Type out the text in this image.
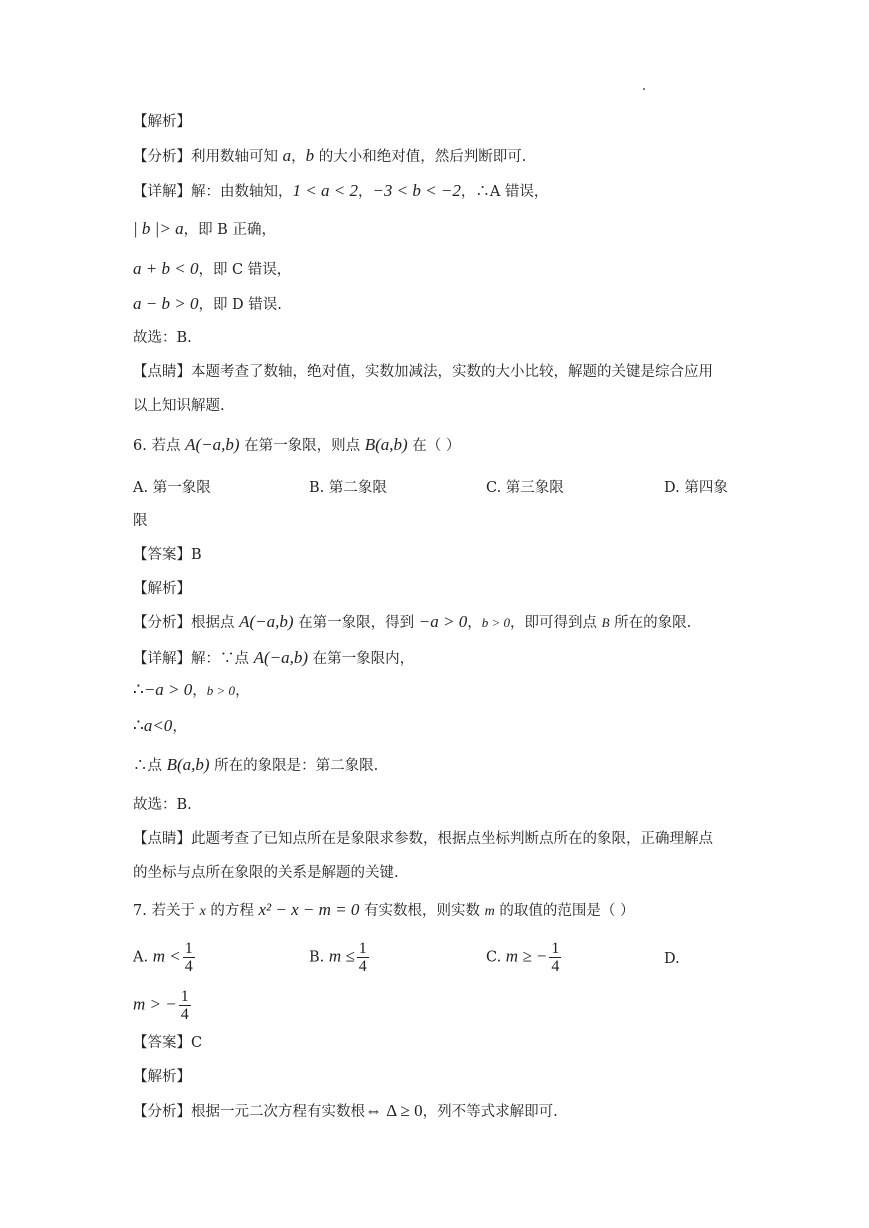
【解析】
【分析】利用数轴可知 a，b 的大小和绝对值，然后判断即可.
【详解】解：由数轴知，1 < a < 2，−3 < b < −2，∴A 错误，
| b |> a，即 B 正确，
a + b < 0，即 C 错误，
a − b > 0，即 D 错误.
故选：B.
【点睛】本题考查了数轴，绝对值，实数加减法，实数的大小比较，解题的关键是综合应用
以上知识解题.
6. 若点 A(−a,b) 在第一象限，则点 B(a,b) 在（ ）
A. 第一象限	B. 第二象限	C. 第三象限	D. 第四象
限
【答案】B
【解析】
【分析】根据点 A(−a,b) 在第一象限，得到 −a > 0，b > 0，即可得到点 B 所在的象限.
【详解】解：∵点 A(−a,b) 在第一象限内，
∴−a > 0，b > 0，
∴a<0，
∴点 B(a,b) 所在的象限是：第二象限.
故选：B.
【点睛】此题考查了已知点所在是象限求参数，根据点坐标判断点所在的象限，正确理解点
的坐标与点所在象限的关系是解题的关键.
7. 若关于 x 的方程 x² − x − m = 0 有实数根，则实数 m 的取值的范围是（ ）
A. $m < \frac{1}{4}$	B. $m \le \frac{1}{4}$	C. m ≥ − $\frac{1}{4}$	D.
m > − $\frac{1}{4}$
【答案】C
【解析】
【分析】根据一元二次方程有实数根⇔ Δ ≥ 0，列不等式求解即可.
